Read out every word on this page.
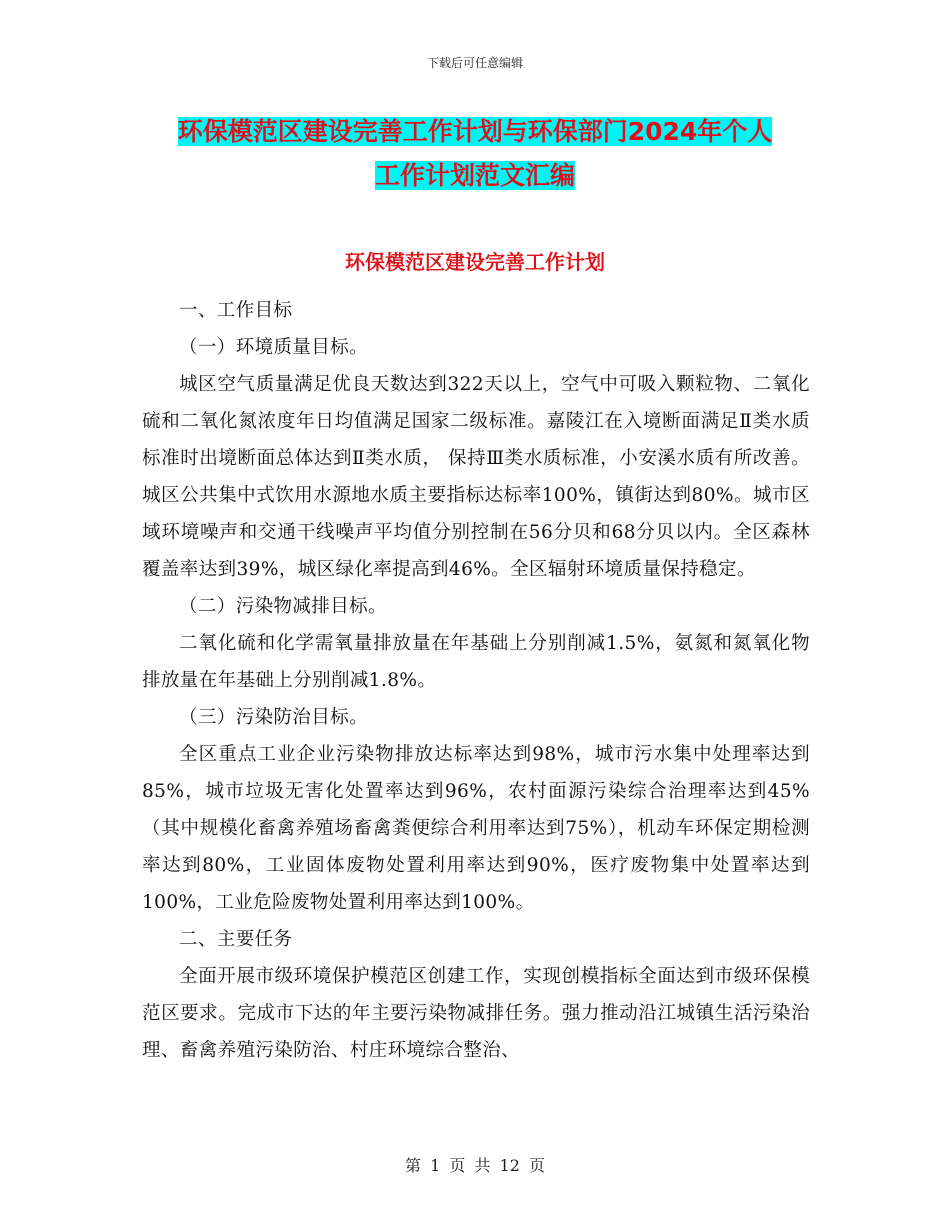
下载后可任意编辑
环保模范区建设完善工作计划与环保部门2024年个人
工作计划范文汇编
环保模范区建设完善工作计划

一、工作目标

（一）环境质量目标。

城区空气质量满足优良天数达到322天以上，空气中可吸入颗粒物、二氧化硫和二氧化氮浓度年日均值满足国家二级标准。嘉陵江在入境断面满足Ⅱ类水质标准时出境断面总体达到Ⅱ类水质， 保持Ⅲ类水质标准，小安溪水质有所改善。城区公共集中式饮用水源地水质主要指标达标率100%，镇街达到80%。城市区域环境噪声和交通干线噪声平均值分别控制在56分贝和68分贝以内。全区森林覆盖率达到39%，城区绿化率提高到46%。全区辐射环境质量保持稳定。

（二）污染物减排目标。

二氧化硫和化学需氧量排放量在年基础上分别削减1.5%，氨氮和氮氧化物排放量在年基础上分别削减1.8%。

（三）污染防治目标。

全区重点工业企业污染物排放达标率达到98%，城市污水集中处理率达到85%，城市垃圾无害化处置率达到96%，农村面源污染综合治理率达到45%（其中规模化畜禽养殖场畜禽粪便综合利用率达到75%），机动车环保定期检测率达到80%，工业固体废物处置利用率达到90%，医疗废物集中处置率达到100%，工业危险废物处置利用率达到100%。

二、主要任务

全面开展市级环境保护模范区创建工作，实现创模指标全面达到市级环保模范区要求。完成市下达的年主要污染物减排任务。强力推动沿江城镇生活污染治理、畜禽养殖污染防治、村庄环境综合整治、

第 1 页 共 12 页
